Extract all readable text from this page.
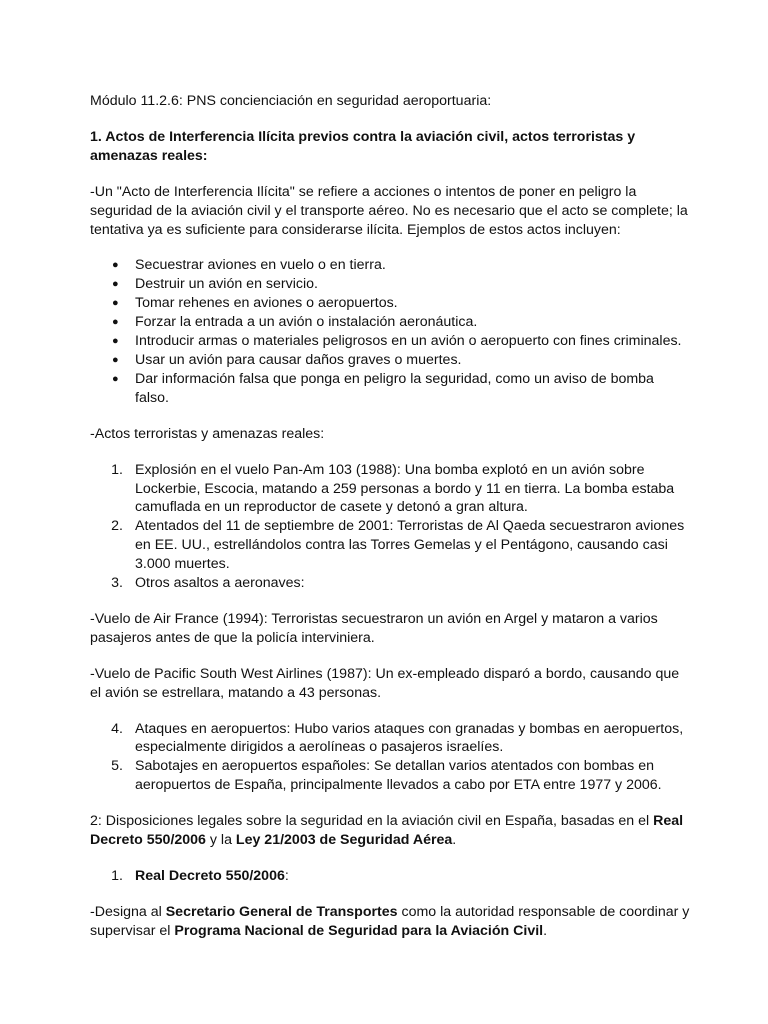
Módulo 11.2.6: PNS concienciación en seguridad aeroportuaria:

1. Actos de Interferencia Ilícita previos contra la aviación civil, actos terroristas y amenazas reales:

-Un "Acto de Interferencia Ilícita" se refiere a acciones o intentos de poner en peligro la seguridad de la aviación civil y el transporte aéreo. No es necesario que el acto se complete; la tentativa ya es suficiente para considerarse ilícita. Ejemplos de estos actos incluyen:

● Secuestrar aviones en vuelo o en tierra.
● Destruir un avión en servicio.
● Tomar rehenes en aviones o aeropuertos.
● Forzar la entrada a un avión o instalación aeronáutica.
● Introducir armas o materiales peligrosos en un avión o aeropuerto con fines criminales.
● Usar un avión para causar daños graves o muertes.
● Dar información falsa que ponga en peligro la seguridad, como un aviso de bomba falso.

-Actos terroristas y amenazas reales:

1. Explosión en el vuelo Pan-Am 103 (1988): Una bomba explotó en un avión sobre Lockerbie, Escocia, matando a 259 personas a bordo y 11 en tierra. La bomba estaba camuflada en un reproductor de casete y detonó a gran altura.
2. Atentados del 11 de septiembre de 2001: Terroristas de Al Qaeda secuestraron aviones en EE. UU., estrellándolos contra las Torres Gemelas y el Pentágono, causando casi 3.000 muertes.
3. Otros asaltos a aeronaves:

-Vuelo de Air France (1994): Terroristas secuestraron un avión en Argel y mataron a varios pasajeros antes de que la policía interviniera.

-Vuelo de Pacific South West Airlines (1987): Un ex-empleado disparó a bordo, causando que el avión se estrellara, matando a 43 personas.

4. Ataques en aeropuertos: Hubo varios ataques con granadas y bombas en aeropuertos, especialmente dirigidos a aerolíneas o pasajeros israelíes.
5. Sabotajes en aeropuertos españoles: Se detallan varios atentados con bombas en aeropuertos de España, principalmente llevados a cabo por ETA entre 1977 y 2006.

2: Disposiciones legales sobre la seguridad en la aviación civil en España, basadas en el Real Decreto 550/2006 y la Ley 21/2003 de Seguridad Aérea.

1. Real Decreto 550/2006:

-Designa al Secretario General de Transportes como la autoridad responsable de coordinar y supervisar el Programa Nacional de Seguridad para la Aviación Civil.
